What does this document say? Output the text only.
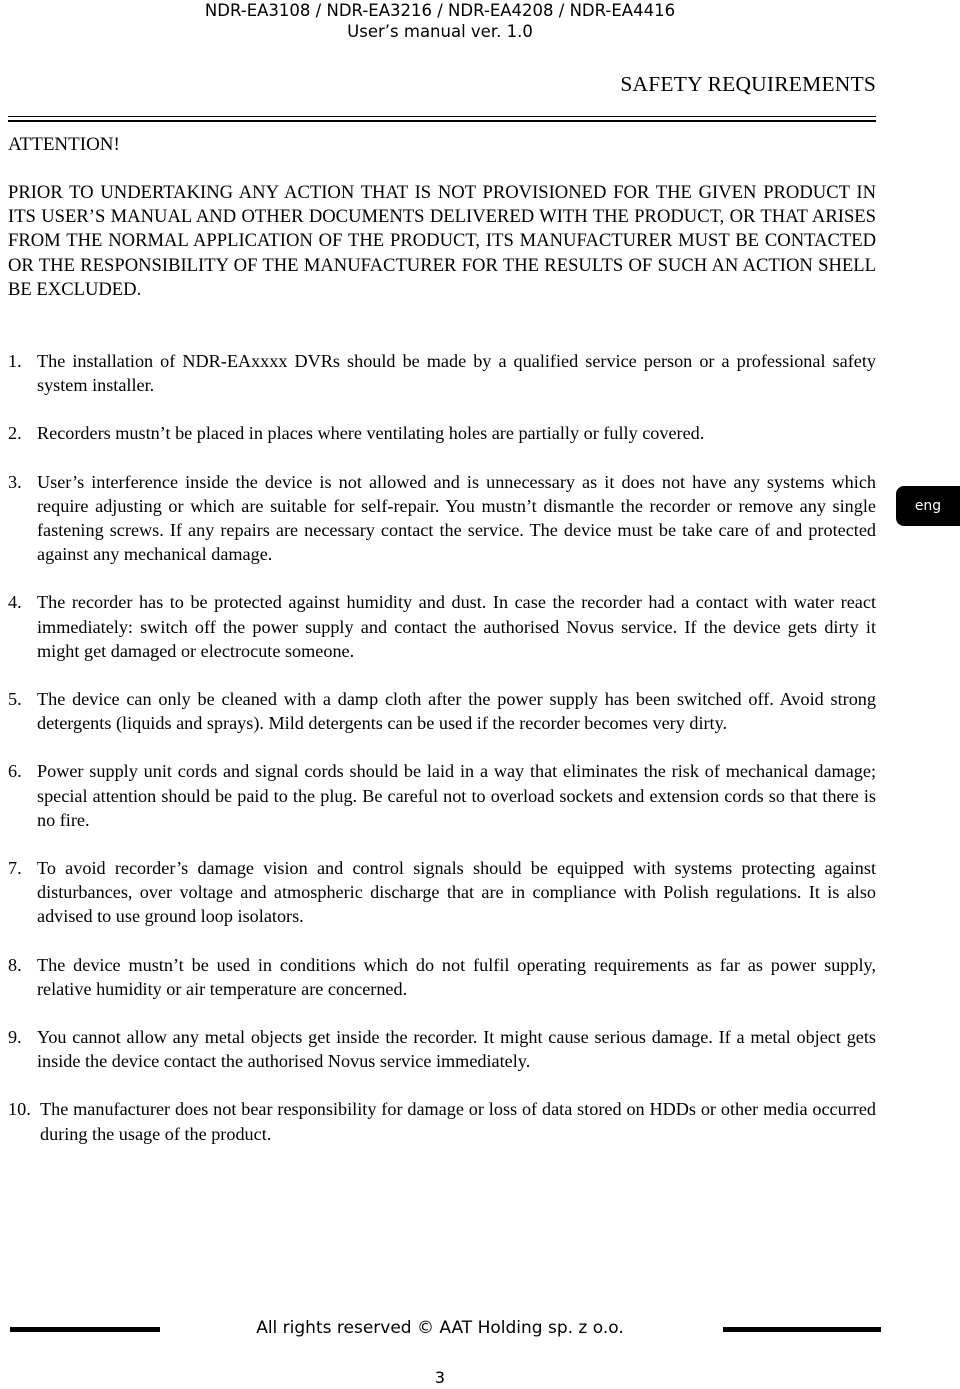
NDR-EA3108 / NDR-EA3216 / NDR-EA4208 / NDR-EA4416
User’s manual ver. 1.0
SAFETY REQUIREMENTS
ATTENTION!
PRIOR TO UNDERTAKING ANY ACTION THAT IS NOT PROVISIONED FOR THE GIVEN PRODUCT IN ITS USER’S MANUAL AND OTHER DOCUMENTS DELIVERED WITH THE PRODUCT, OR THAT ARISES FROM THE NORMAL APPLICATION OF THE PRODUCT, ITS MANUFACTURER MUST BE CONTACTED OR THE RESPONSIBILITY OF THE MANUFACTURER FOR THE RESULTS OF SUCH AN ACTION SHELL BE EXCLUDED.
1. The installation of NDR-EAxxxx DVRs should be made by a qualified service person or a professional safety system installer.
2. Recorders mustn’t be placed in places where ventilating holes are partially or fully covered.
3. User’s interference inside the device is not allowed and is unnecessary as it does not have any systems which require adjusting or which are suitable for self-repair. You mustn’t dismantle the recorder or remove any single fastening screws. If any repairs are necessary contact the service. The device must be take care of and protected against any mechanical damage.
4. The recorder has to be protected against humidity and dust. In case the recorder had a contact with water react immediately: switch off the power supply and contact the authorised Novus service. If the device gets dirty it might get damaged or electrocute someone.
5. The device can only be cleaned with a damp cloth after the power supply has been switched off. Avoid strong detergents (liquids and sprays). Mild detergents can be used if the recorder becomes very dirty.
6. Power supply unit cords and signal cords should be laid in a way that eliminates the risk of mechanical damage; special attention should be paid to the plug. Be careful not to overload sockets and extension cords so that there is no fire.
7. To avoid recorder’s damage vision and control signals should be equipped with systems protecting against disturbances, over voltage and atmospheric discharge that are in compliance with Polish regulations. It is also advised to use ground loop isolators.
8. The device mustn’t be used in conditions which do not fulfil operating requirements as far as power supply, relative humidity or air temperature are concerned.
9. You cannot allow any metal objects get inside the recorder. It might cause serious damage. If a metal object gets inside the device contact the authorised Novus service immediately.
10. The manufacturer does not bear responsibility for damage or loss of data stored on HDDs or other media occurred during the usage of the product.
eng
All rights reserved © AAT Holding sp. z o.o.
3
